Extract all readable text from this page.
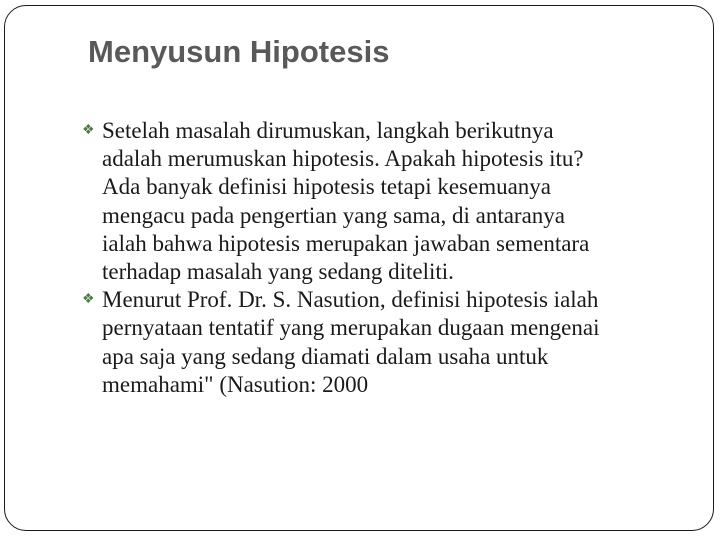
Menyusun Hipotesis
❖ Setelah masalah dirumuskan, langkah berikutnya
adalah merumuskan hipotesis. Apakah hipotesis itu?
Ada banyak definisi hipotesis tetapi kesemuanya
mengacu pada pengertian yang sama, di antaranya
ialah bahwa hipotesis merupakan jawaban sementara
terhadap masalah yang sedang diteliti.
❖ Menurut Prof. Dr. S. Nasution, definisi hipotesis ialah
pernyataan tentatif yang merupakan dugaan mengenai
apa saja yang sedang diamati dalam usaha untuk
memahami" (Nasution: 2000
